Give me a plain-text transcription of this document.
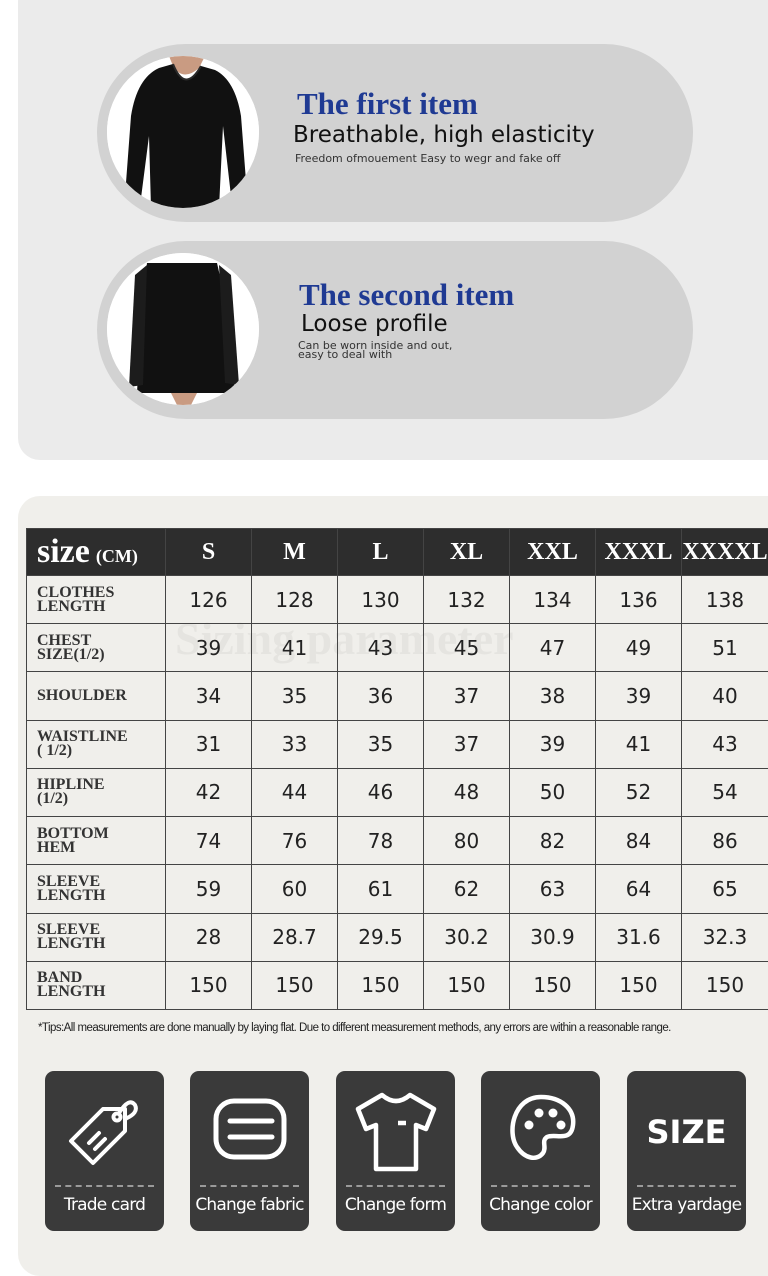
The first item
Breathable, high elasticity
Freedom ofmouement Easy to wegr and fake off
The second item
Loose profile
Can be worn inside and out,
easy to deal with
size (CM)	S	M	L	XL	XXL	XXXL	XXXXL
CLOTHES
LENGTH	126	128	130	132	134	136	138
CHEST
SIZE(1/2)	39	41	43	45	47	49	51
SHOULDER	34	35	36	37	38	39	40
WAISTLINE
( 1/2)	31	33	35	37	39	41	43
HIPLINE
(1/2)	42	44	46	48	50	52	54
BOTTOM
HEM	74	76	78	80	82	84	86
SLEEVE
LENGTH	59	60	61	62	63	64	65
SLEEVE
LENGTH	28	28.7	29.5	30.2	30.9	31.6	32.3
BAND
LENGTH	150	150	150	150	150	150	150
*Tips:All measurements are done manually by laying flat. Due to different measurement methods, any errors are within a reasonable range.
Trade card	Change fabric	Change form	Change color
SIZE
Extra yardage
